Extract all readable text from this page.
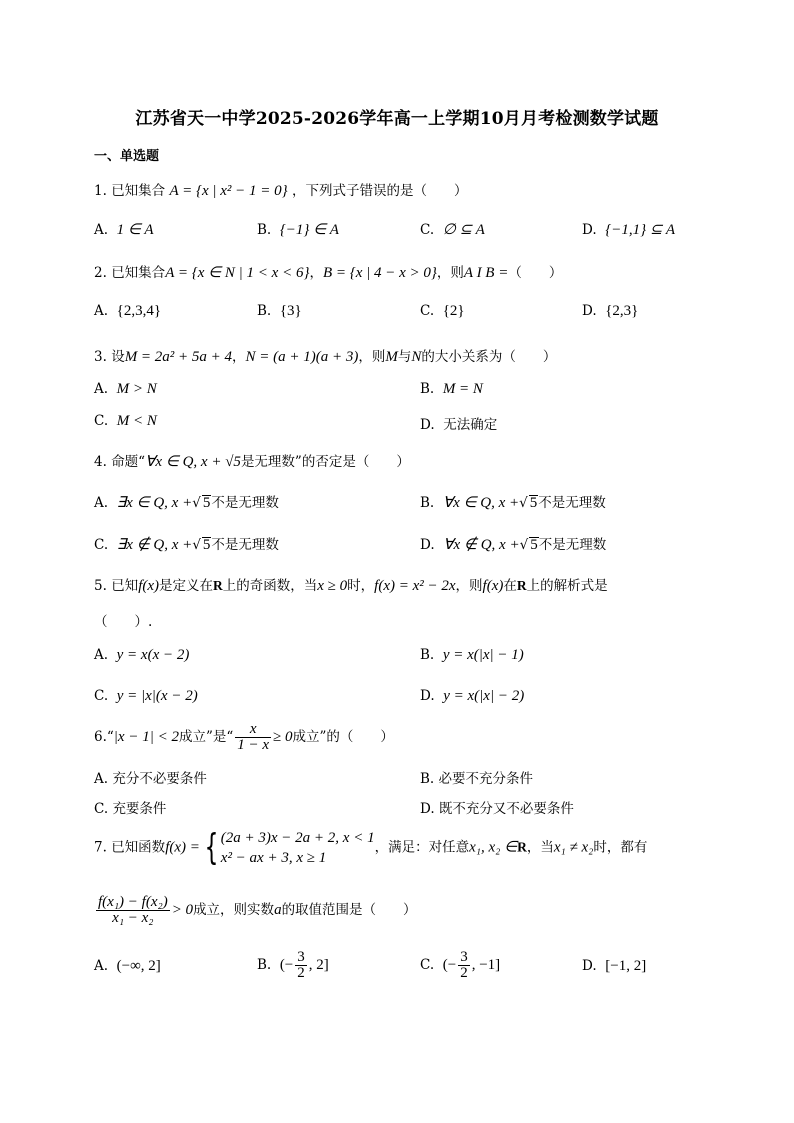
江苏省天一中学2025-2026学年高一上学期10月月考检测数学试题
一、单选题
1. 已知集合 A = {x | x² − 1 = 0} ，下列式子错误的是（　　）
A. 1 ∈ A	B. {−1} ∈ A	C. ∅ ⊆ A	D. {−1,1} ⊆ A
2. 已知集合A = {x ∈ N | 1 < x < 6}，B = {x | 4 − x > 0}，则A I B =（　　）
A. {2,3,4}	B. {3}	C. {2}	D. {2,3}
3. 设M = 2a² + 5a + 4，N = (a + 1)(a + 3)，则M与N的大小关系为（　　）
A. M > N	B. M = N
C. M < N	D. 无法确定
4. 命题“∀x ∈ Q, x + √5是无理数”的否定是（　　）
A. ∃x ∈ Q, x +√ 5不是无理数	B. ∀x ∈ Q, x +√ 5不是无理数
C. ∃x ∉ Q, x +√ 5不是无理数	D. ∀x ∉ Q, x +√ 5不是无理数
5. 已知f(x)是定义在R上的奇函数，当x ≥ 0时，f(x) = x² − 2x，则f(x)在R上的解析式是
（　　）.
A. y = x(x − 2)	B. y = x(|x| − 1)
C. y = |x|(x − 2)	D. y = x(|x| − 2)
6.“|x − 1| < 2成立”是“ $\frac{x}{1 - x} \ge 0$成立”的（　　）
A. 充分不必要条件	B. 必要不充分条件
C. 充要条件	D. 既不充分又不必要条件
7. 已知函数f(x) = { (2a + 3)x − 2a + 2, x < 1
x² − ax + 3, x ≥ 1
，满足：对任意x₁, x₂ ∈R，当x₁ ≠ x₂时，都有
$\frac{\text{f(x₁) − f(x₂)}}{\text{x₁ − x₂}} > 0$成立，则实数a的取值范围是（　　）
A. (−∞, 2]	B. (− $\frac{3}{2}$ , 2]	C. (− $\frac{3}{2}$ , −1]	D. [−1, 2]
